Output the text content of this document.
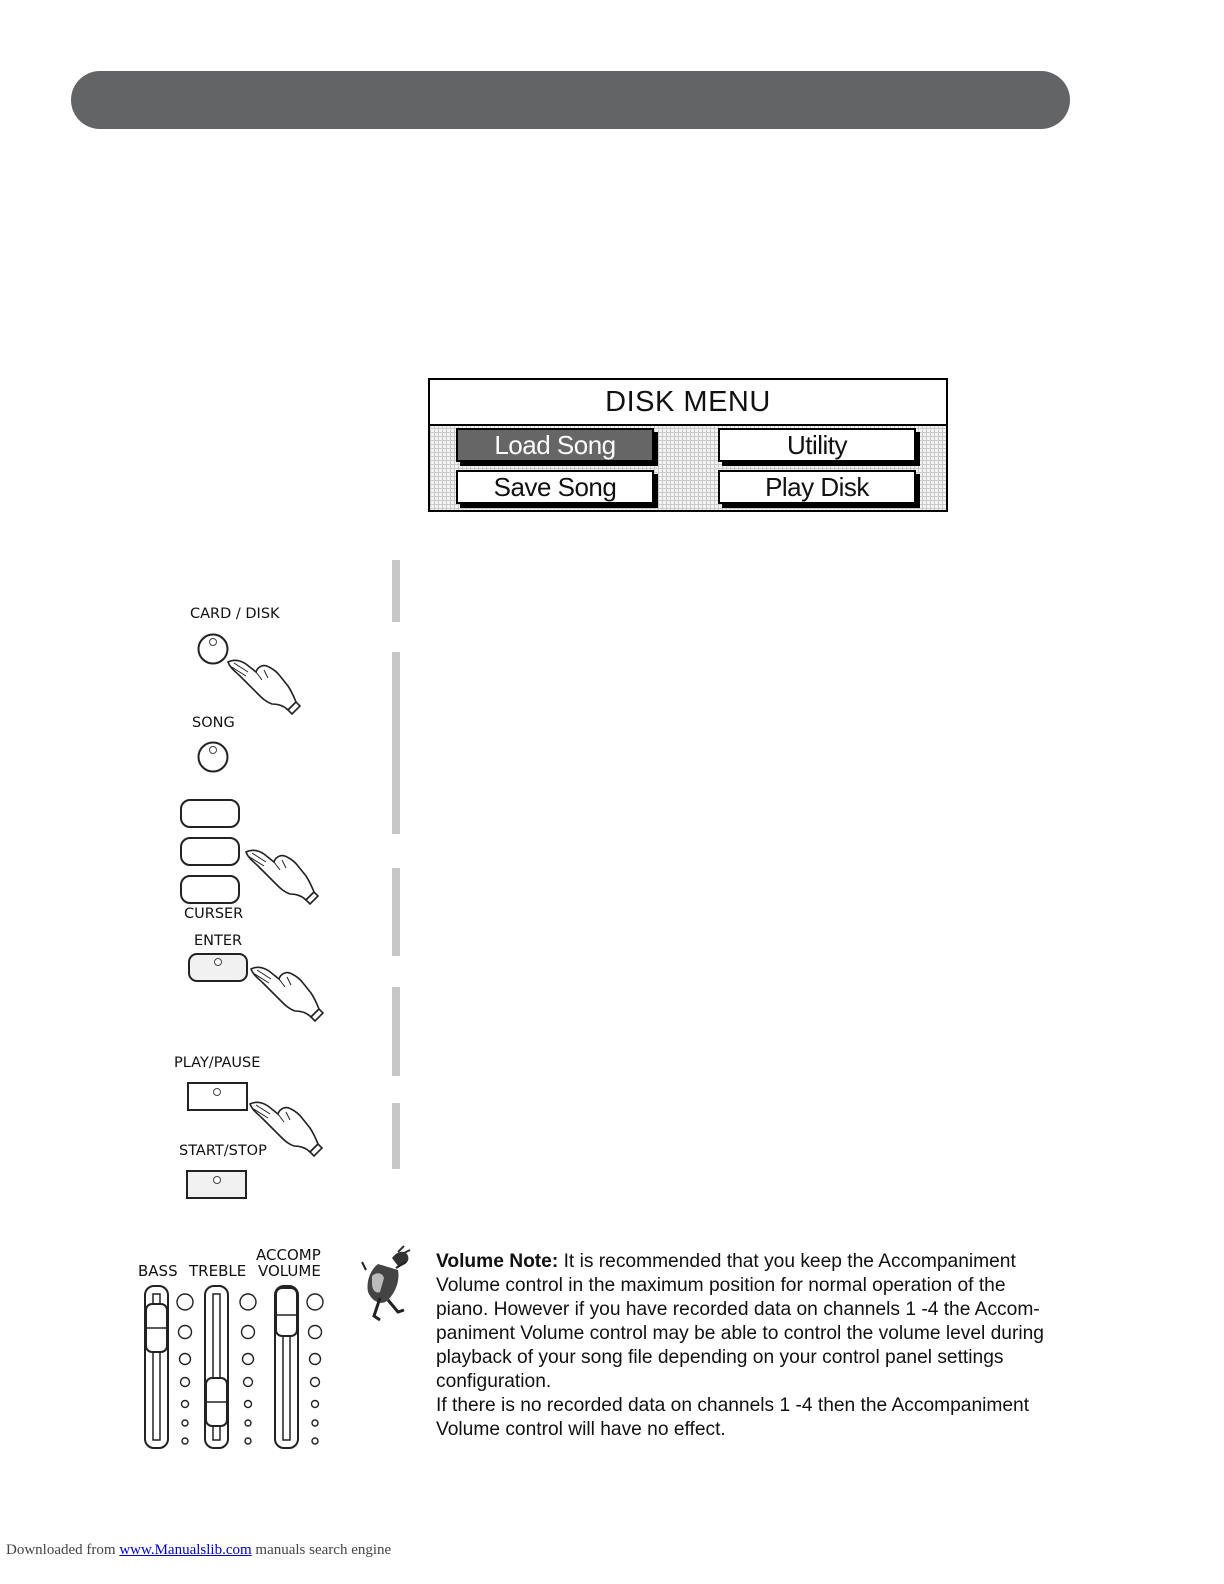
DISK MENU
Load Song	Utility
Save Song	Play Disk
CARD / DISK
SONG
CURSER
ENTER
PLAY/PAUSE
START/STOP
BASS TREBLE
ACCOMP
VOLUME	Volume Note: It is recommended that you keep the Accompaniment Volume control in the maximum position for normal operation of the piano. However if you have recorded data on channels 1 -4 the Accom-paniment Volume control may be able to control the volume level during playback of your song file depending on your control panel settings configuration.
If there is no recorded data on channels 1 -4 then the Accompaniment Volume control will have no effect.
Downloaded from www.Manualslib.com manuals search engine
